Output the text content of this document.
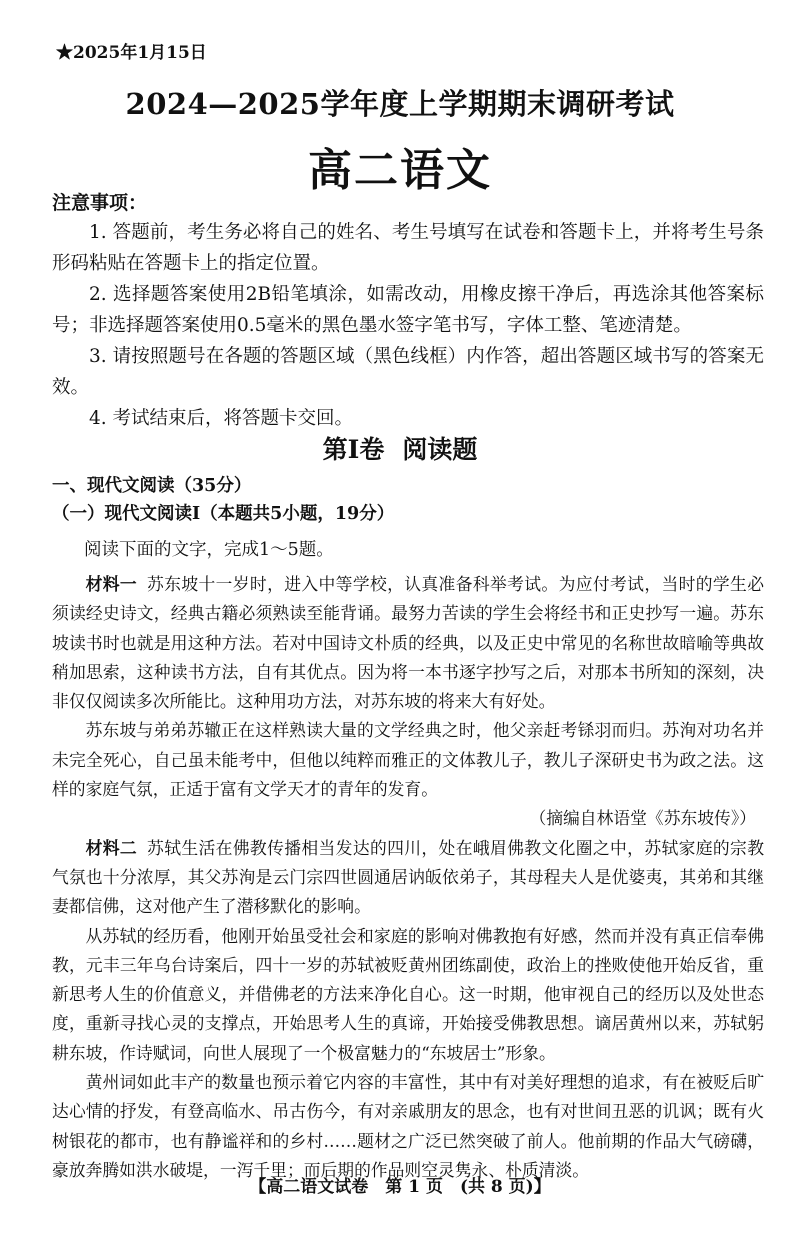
★2025年1月15日
2024—2025学年度上学期期末调研考试
高二语文
注意事项：

1. 答题前，考生务必将自己的姓名、考生号填写在试卷和答题卡上，并将考生号条形码粘贴在答题卡上的指定位置。

2. 选择题答案使用2B铅笔填涂，如需改动，用橡皮擦干净后，再选涂其他答案标号；非选择题答案使用0.5毫米的黑色墨水签字笔书写，字体工整、笔迹清楚。

3. 请按照题号在各题的答题区域（黑色线框）内作答，超出答题区域书写的答案无效。

4. 考试结束后，将答题卡交回。

第Ⅰ卷 阅读题
一、现代文阅读（35分）
（一）现代文阅读Ⅰ（本题共5小题，19分）
阅读下面的文字，完成1～5题。

材料一 苏东坡十一岁时，进入中等学校，认真准备科举考试。为应付考试，当时的学生必须读经史诗文，经典古籍必须熟读至能背诵。最努力苦读的学生会将经书和正史抄写一遍。苏东坡读书时也就是用这种方法。若对中国诗文朴质的经典，以及正史中常见的名称世故暗喻等典故稍加思索，这种读书方法，自有其优点。因为将一本书逐字抄写之后，对那本书所知的深刻，决非仅仅阅读多次所能比。这种用功方法，对苏东坡的将来大有好处。

苏东坡与弟弟苏辙正在这样熟读大量的文学经典之时，他父亲赶考铩羽而归。苏洵对功名并未完全死心，自己虽未能考中，但他以纯粹而雅正的文体教儿子，教儿子深研史书为政之法。这样的家庭气氛，正适于富有文学天才的青年的发育。

（摘编自林语堂《苏东坡传》）

材料二 苏轼生活在佛教传播相当发达的四川，处在峨眉佛教文化圈之中，苏轼家庭的宗教气氛也十分浓厚，其父苏洵是云门宗四世圆通居讷皈依弟子，其母程夫人是优婆夷，其弟和其继妻都信佛，这对他产生了潜移默化的影响。

从苏轼的经历看，他刚开始虽受社会和家庭的影响对佛教抱有好感，然而并没有真正信奉佛教，元丰三年乌台诗案后，四十一岁的苏轼被贬黄州团练副使，政治上的挫败使他开始反省，重新思考人生的价值意义，并借佛老的方法来净化自心。这一时期，他审视自己的经历以及处世态度，重新寻找心灵的支撑点，开始思考人生的真谛，开始接受佛教思想。谪居黄州以来，苏轼躬耕东坡，作诗赋词，向世人展现了一个极富魅力的“东坡居士”形象。

黄州词如此丰产的数量也预示着它内容的丰富性，其中有对美好理想的追求，有在被贬后旷达心情的抒发，有登高临水、吊古伤今，有对亲戚朋友的思念，也有对世间丑恶的讥讽；既有火树银花的都市，也有静谧祥和的乡村……题材之广泛已然突破了前人。他前期的作品大气磅礴，豪放奔腾如洪水破堤，一泻千里；而后期的作品则空灵隽永、朴质清淡。

【高二语文试卷　第 1 页　(共 8 页)】
